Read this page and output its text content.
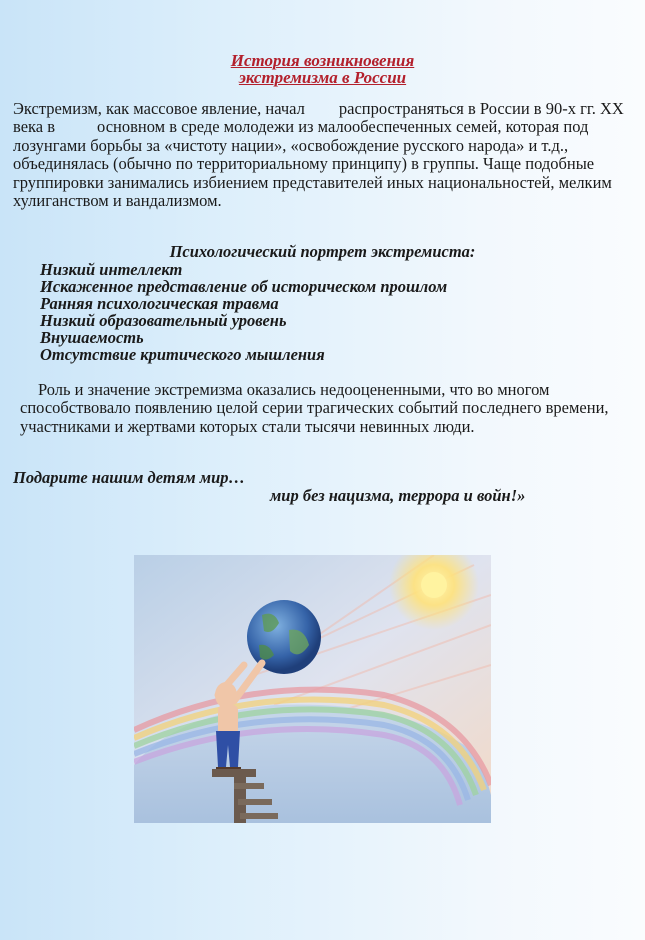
История возникновения
экстремизма в России

Экстремизм, как массовое явление, начал распространяться в России в 90-х гг. XX века в	основном в среде молодежи из малообеспеченных семей, которая под лозунгами борьбы за «чистоту нации», «освобождение русского народа» и т.д., объединялась (обычно по территориальному принципу) в группы. Чаще подобные группировки занимались избиением представителей иных национальностей, мелким хулиганством и вандализмом.

Психологический портрет экстремиста:
Низкий интеллект
Искаженное представление об историческом прошлом
Ранняя психологическая травма
Низкий образовательный уровень
Внушаемость
Отсутствие критического мышления

Роль и значение экстремизма оказались недооцененными, что во многом способствовало появлению целой серии трагических событий последнего времени, участниками и жертвами которых стали тысячи невинных люди.

Подарите нашим детям мир…
мир без нацизма, террора и войн!»
